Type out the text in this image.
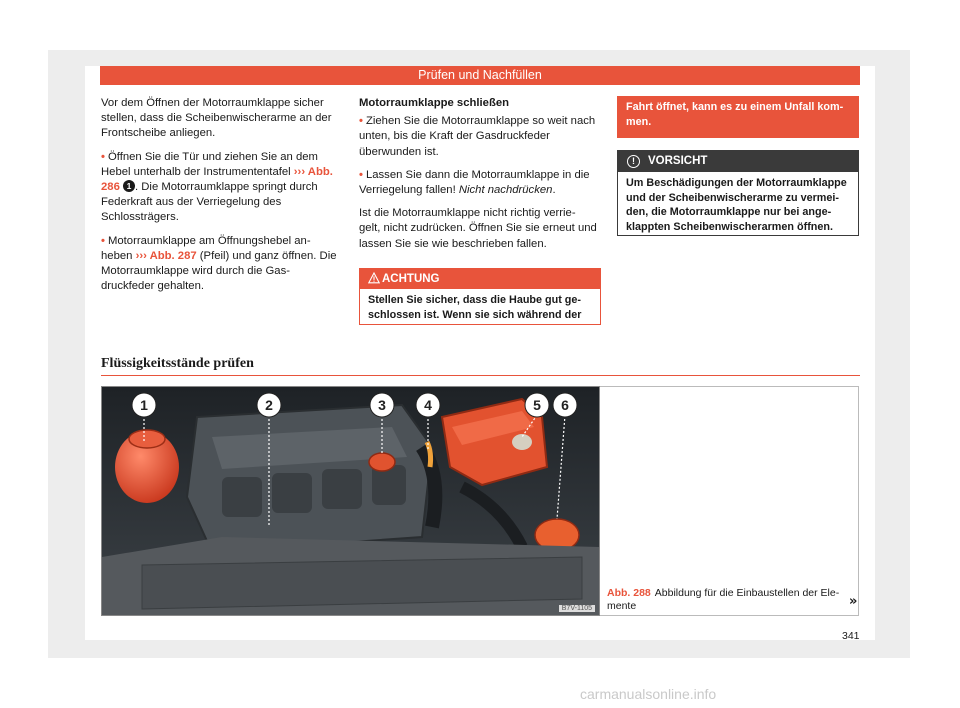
Prüfen und Nachfüllen

Vor dem Öffnen der Motorraumklappe sicher stellen, dass die Scheibenwischerarme an der Frontscheibe anliegen.

• Öffnen Sie die Tür und ziehen Sie an dem Hebel unterhalb der Instrumententafel ››› Abb. 286 1 . Die Motorraumklappe springt durch Federkraft aus der Verriegelung des Schlossträgers.

• Motorraumklappe am Öffnungshebel an- heben ››› Abb. 287 (Pfeil) und ganz öffnen. Die Motorraumklappe wird durch die Gas- druckfeder gehalten.

Motorraumklappe schließen

• Ziehen Sie die Motorraumklappe so weit nach unten, bis die Kraft der Gasdruckfeder überwunden ist.

• Lassen Sie dann die Motorraumklappe in die Verriegelung fallen! Nicht nachdrücken.

Ist die Motorraumklappe nicht richtig verrie- gelt, nicht zudrücken. Öffnen Sie sie erneut und lassen Sie sie wie beschrieben fallen.

ACHTUNG
Stellen Sie sicher, dass die Haube gut ge- schlossen ist. Wenn sie sich während der
Fahrt öffnet, kann es zu einem Unfall kom- men.
!	VORSICHT
Um Beschädigungen der Motorraumklappe und der Scheibenwischerarme zu vermei- den, die Motorraumklappe nur bei ange- klappten Scheibenwischerarmen öffnen.
Flüssigkeitsstände prüfen
1	2	3	4	5 6
B7V-1105
Abb. 288 Abbildung für die Einbaustellen der Ele- mente	»
341
carmanualsonline.info
